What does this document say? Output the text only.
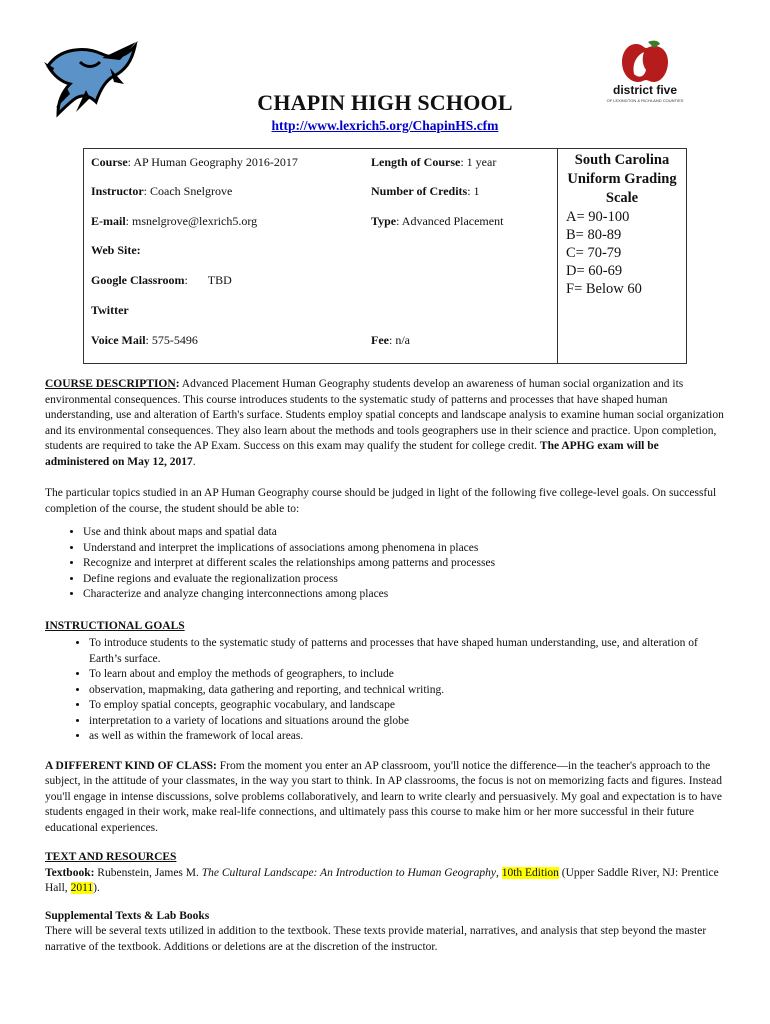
district five
OF LEXINGTON & RICHLAND COUNTIES
CHAPIN HIGH SCHOOL
http://www.lexrich5.org/ChapinHS.cfm
Course: AP Human Geography 2016-2017	Length of Course: 1 year
Instructor: Coach Snelgrove	Number of Credits: 1
E-mail: msnelgrove@lexrich5.org	Type: Advanced Placement
Web Site:
Google Classroom: TBD
Twitter
Voice Mail: 575-5496	Fee: n/a
South Carolina
Uniform Grading
Scale
A= 90-100
B= 80-89
C= 70-79
D= 60-69
F= Below 60

COURSE DESCRIPTION: Advanced Placement Human Geography students develop an awareness of human social organization and its environmental consequences. This course introduces students to the systematic study of patterns and processes that have shaped human understanding, use and alteration of Earth's surface. Students employ spatial concepts and landscape analysis to examine human social organization and its environmental consequences. They also learn about the methods and tools geographers use in their science and practice. Upon completion, students are required to take the AP Exam. Success on this exam may qualify the student for college credit. The APHG exam will be administered on May 12, 2017.

The particular topics studied in an AP Human Geography course should be judged in light of the following five college-level goals. On successful completion of the course, the student should be able to:

• Use and think about maps and spatial data
• Understand and interpret the implications of associations among phenomena in places
• Recognize and interpret at different scales the relationships among patterns and processes
• Define regions and evaluate the regionalization process
• Characterize and analyze changing interconnections among places

INSTRUCTIONAL GOALS

• To introduce students to the systematic study of patterns and processes that have shaped human understanding, use, and alteration of Earth’s surface.
• To learn about and employ the methods of geographers, to include
• observation, mapmaking, data gathering and reporting, and technical writing.
• To employ spatial concepts, geographic vocabulary, and landscape
• interpretation to a variety of locations and situations around the globe
• as well as within the framework of local areas.

A DIFFERENT KIND OF CLASS: From the moment you enter an AP classroom, you'll notice the difference—in the teacher's approach to the subject, in the attitude of your classmates, in the way you start to think. In AP classrooms, the focus is not on memorizing facts and figures. Instead you'll engage in intense discussions, solve problems collaboratively, and learn to write clearly and persuasively. My goal and expectation is to have students engaged in their work, make real-life connections, and ultimately pass this course to make him or her more successful in their future educational experiences.

TEXT AND RESOURCES

Textbook: Rubenstein, James M. The Cultural Landscape: An Introduction to Human Geography, 10th Edition (Upper Saddle River, NJ: Prentice Hall, 2011).

Supplemental Texts & Lab Books

There will be several texts utilized in addition to the textbook. These texts provide material, narratives, and analysis that step beyond the master narrative of the textbook. Additions or deletions are at the discretion of the instructor.
